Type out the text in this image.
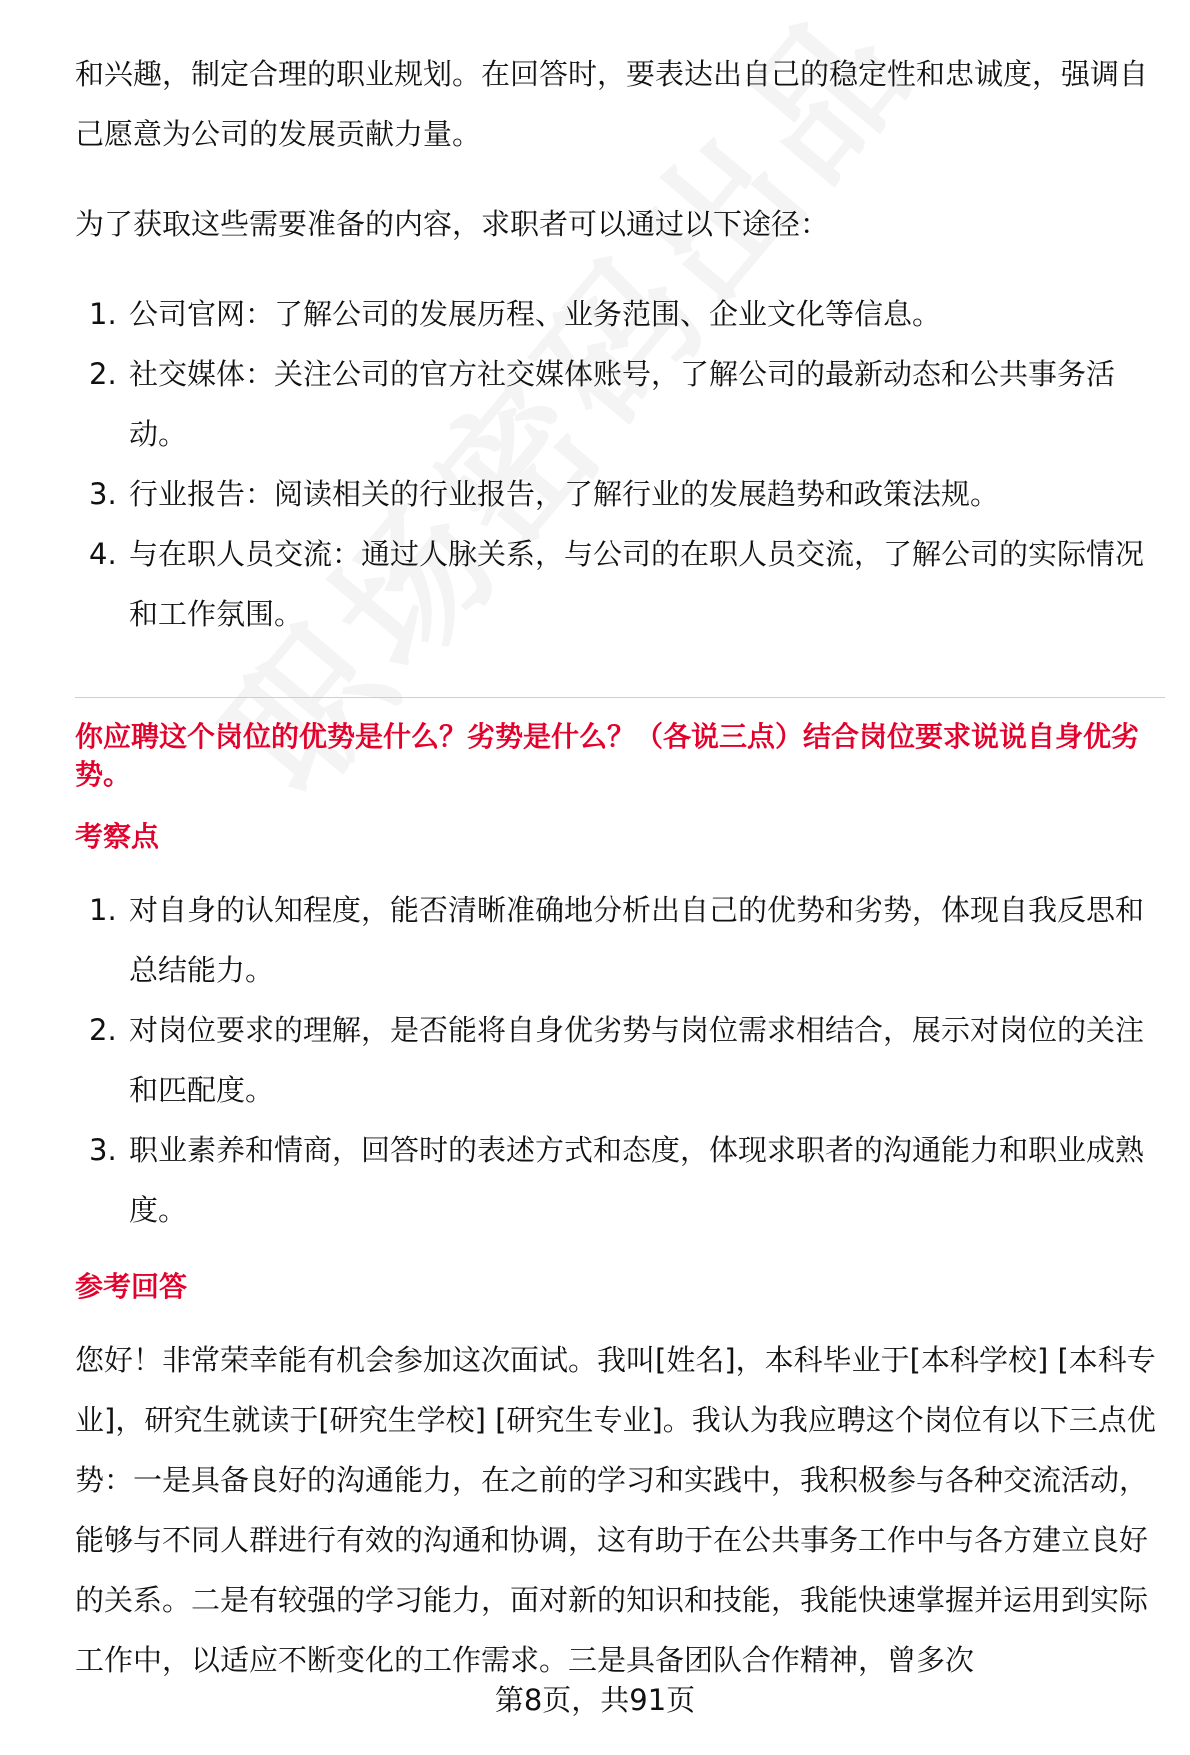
和兴趣，制定合理的职业规划。在回答时，要表达出自己的稳定性和忠诚度，强调自己愿意为公司的发展贡献力量。

为了获取这些需要准备的内容，求职者可以通过以下途径：

1. 公司官网：了解公司的发展历程、业务范围、企业文化等信息。
2. 社交媒体：关注公司的官方社交媒体账号，了解公司的最新动态和公共事务活动。
3. 行业报告：阅读相关的行业报告，了解行业的发展趋势和政策法规。
4. 与在职人员交流：通过人脉关系，与公司的在职人员交流，了解公司的实际情况和工作氛围。

你应聘这个岗位的优势是什么？劣势是什么？（各说三点）结合岗位要求说说自身优劣势。

考察点

1. 对自身的认知程度，能否清晰准确地分析出自己的优势和劣势，体现自我反思和总结能力。
2. 对岗位要求的理解，是否能将自身优劣势与岗位需求相结合，展示对岗位的关注和匹配度。
3. 职业素养和情商，回答时的表述方式和态度，体现求职者的沟通能力和职业成熟度。

参考回答

您好！非常荣幸能有机会参加这次面试。我叫[姓名]，本科毕业于[本科学校] [本科专业]，研究生就读于[研究生学校] [研究生专业]。我认为我应聘这个岗位有以下三点优势：一是具备良好的沟通能力，在之前的学习和实践中，我积极参与各种交流活动，能够与不同人群进行有效的沟通和协调，这有助于在公共事务工作中与各方建立良好的关系。二是有较强的学习能力，面对新的知识和技能，我能快速掌握并运用到实际工作中，以适应不断变化的工作需求。三是具备团队合作精神，曾多次

第8页，共91页
